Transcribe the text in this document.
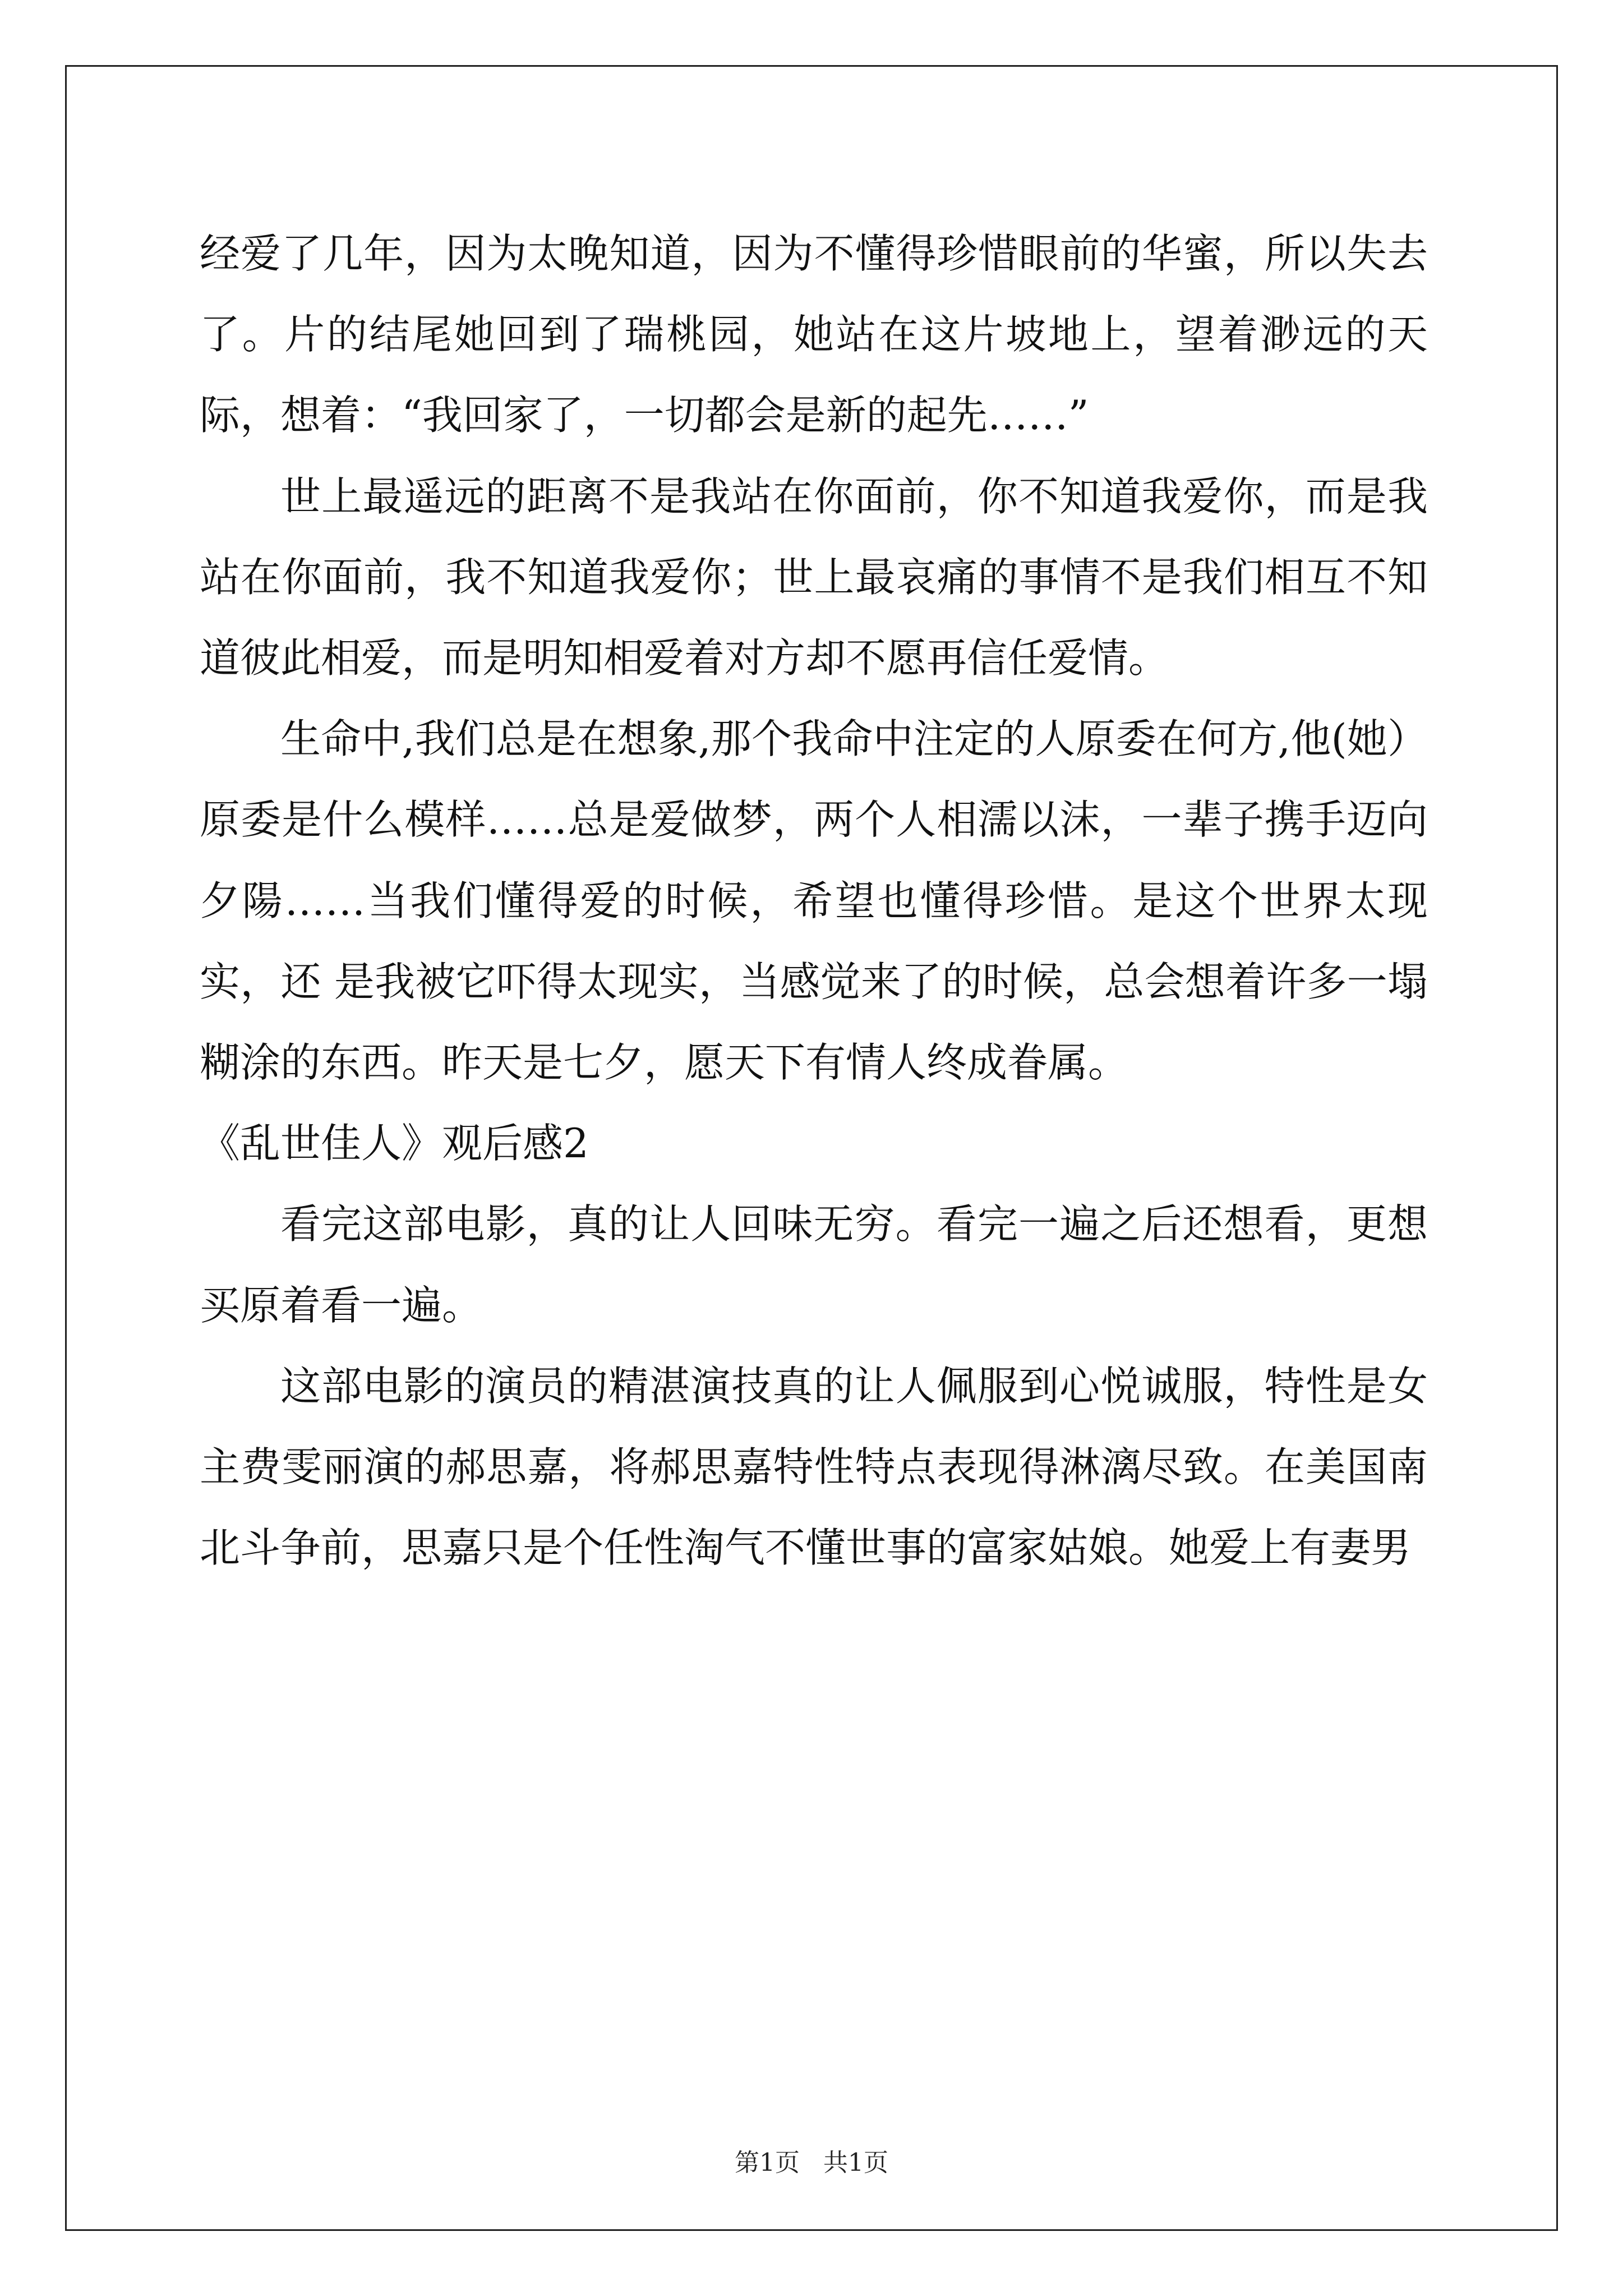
经爱了几年，因为太晚知道，因为不懂得珍惜眼前的华蜜，所以失去了。片的结尾她回到了瑞桃园，她站在这片坡地上，望着渺远的天际，想着：“我回家了，一切都会是新的起先……”

世上最遥远的距离不是我站在你面前，你不知道我爱你，而是我站在你面前，我不知道我爱你；世上最哀痛的事情不是我们相互不知道彼此相爱，而是明知相爱着对方却不愿再信任爱情。

生命中,我们总是在想象,那个我命中注定的人原委在何方,他(她）原委是什么模样……总是爱做梦，两个人相濡以沫，一辈子携手迈向夕陽……当我们懂得爱的时候，希望也懂得珍惜。是这个世界太现实，还 是我被它吓得太现实，当感觉来了的时候，总会想着许多一塌糊涂的东西。昨天是七夕，愿天下有情人终成眷属。

《乱世佳人》观后感2

看完这部电影，真的让人回味无穷。看完一遍之后还想看，更想买原着看一遍。

这部电影的演员的精湛演技真的让人佩服到心悦诚服，特性是女主费雯丽演的郝思嘉，将郝思嘉特性特点表现得淋漓尽致。在美国南北斗争前，思嘉只是个任性淘气不懂世事的富家姑娘。她爱上有妻男

第1页   共1页
